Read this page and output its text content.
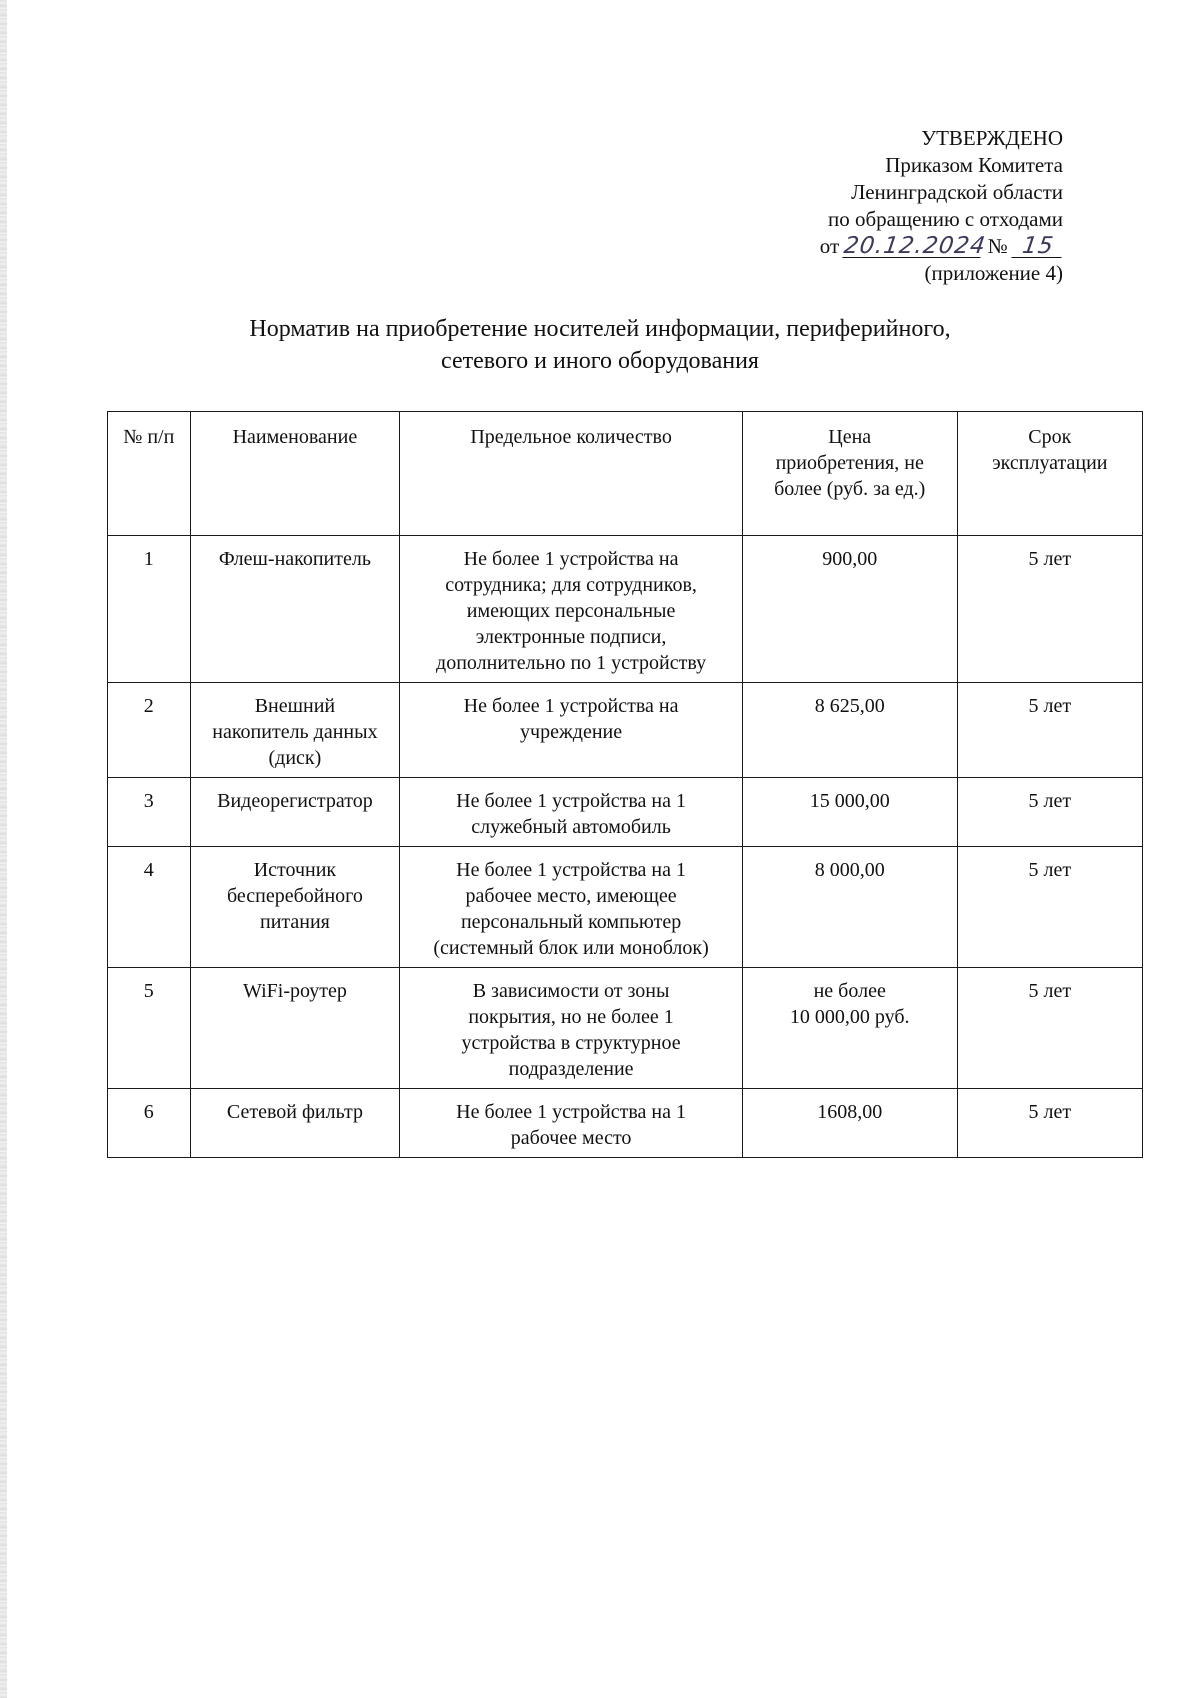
УТВЕРЖДЕНО
Приказом Комитета
Ленинградской области
по обращению с отходами
от 20.12.2024 № 15
(приложение 4)
Норматив на приобретение носителей информации, периферийного,
сетевого и иного оборудования
№ п/п	Наименование	Предельное количество	Цена
приобретения, не
более (руб. за ед.)	Срок
эксплуатации

1	Флеш-накопитель	Не более 1 устройства на
сотрудника; для сотрудников,
имеющих персональные
электронные подписи,
дополнительно по 1 устройству	900,00	5 лет
2	Внешний
накопитель данных
(диск)	Не более 1 устройства на
учреждение	8 625,00	5 лет
3	Видеорегистратор	Не более 1 устройства на 1
служебный автомобиль	15 000,00	5 лет
4	Источник
бесперебойного
питания	Не более 1 устройства на 1
рабочее место, имеющее
персональный компьютер
(системный блок или моноблок)	8 000,00	5 лет
5	WiFi-роутер	В зависимости от зоны
покрытия, но не более 1
устройства в структурное
подразделение	не более
10 000,00 руб.	5 лет
6	Сетевой фильтр	Не более 1 устройства на 1
рабочее место	1608,00	5 лет
